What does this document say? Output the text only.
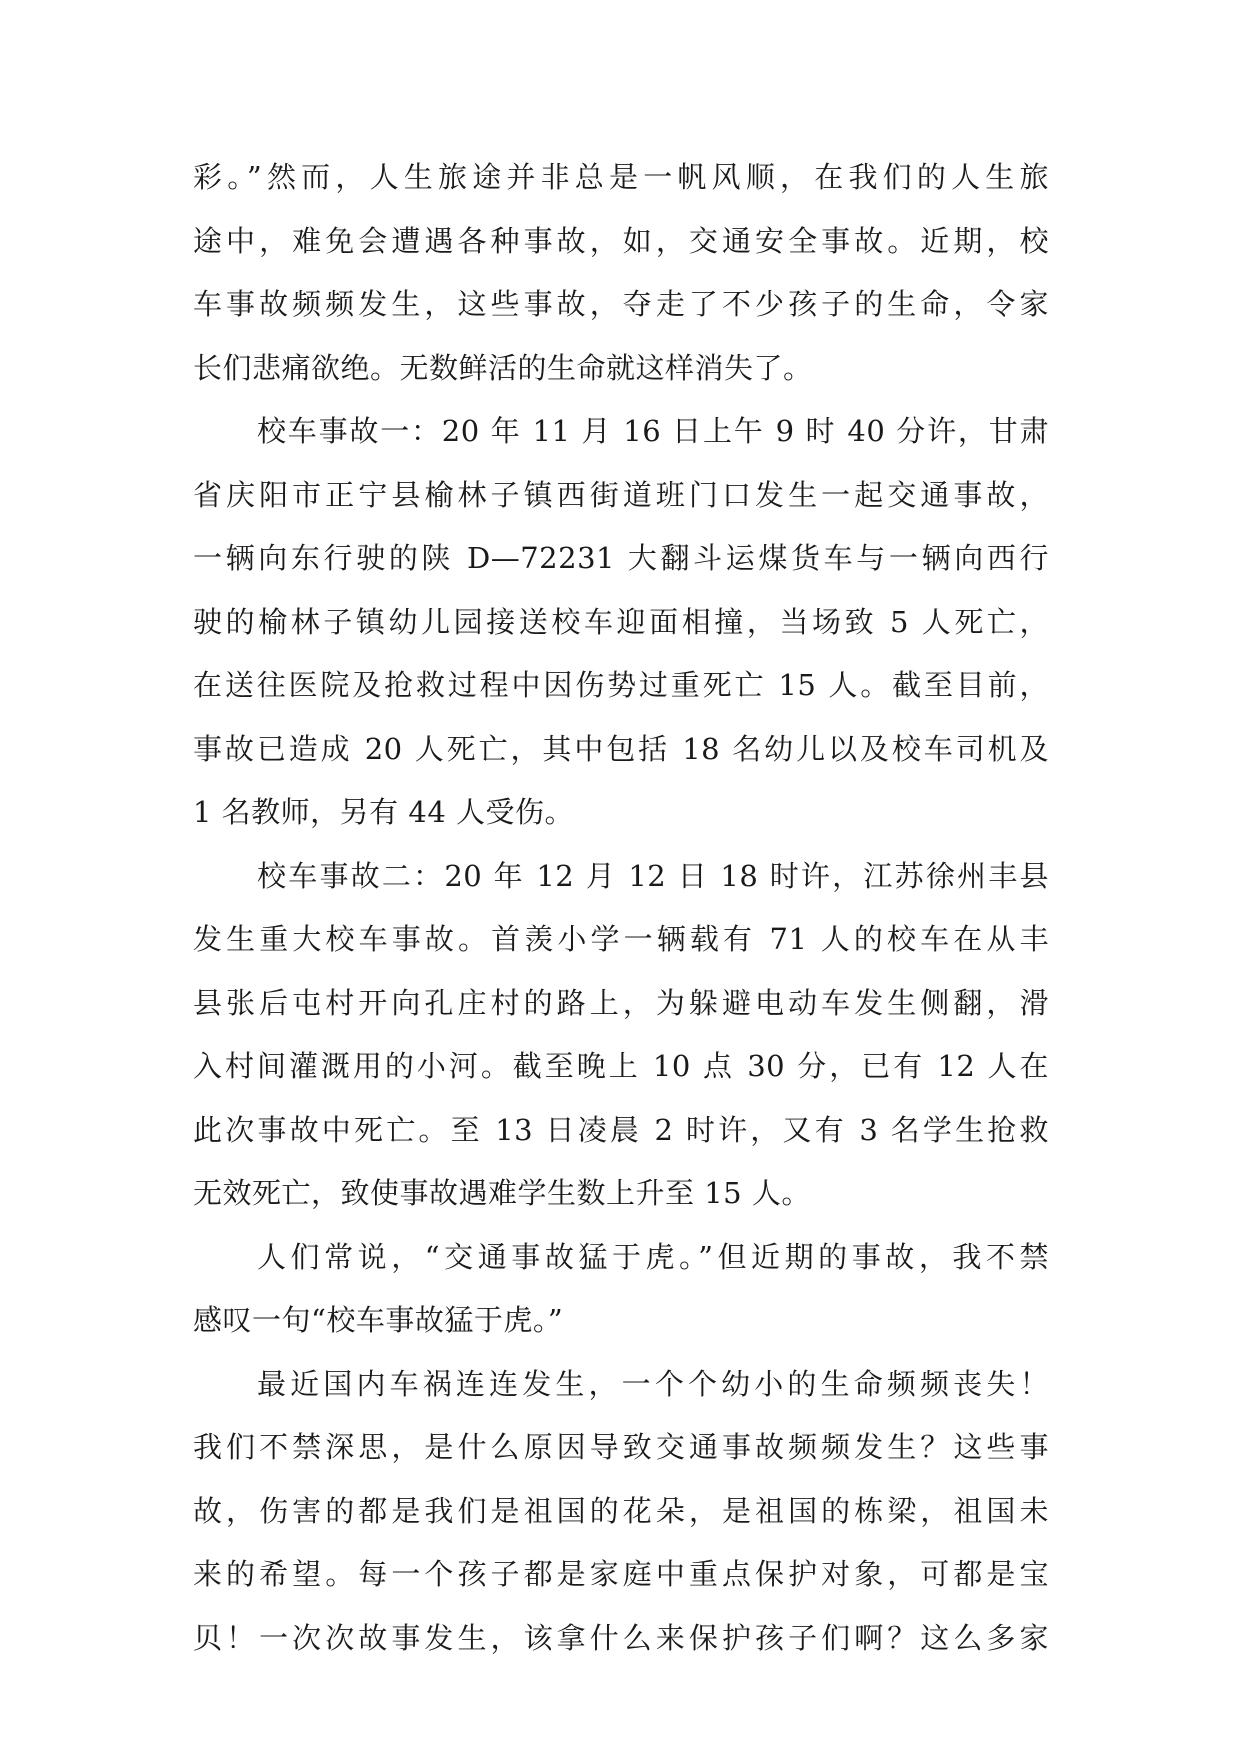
彩。”然而，人生旅途并非总是一帆风顺，在我们的人生旅
途中，难免会遭遇各种事故，如，交通安全事故。近期，校
车事故频频发生，这些事故，夺走了不少孩子的生命，令家
长们悲痛欲绝。无数鲜活的生命就这样消失了。
校车事故一：20 年 11 月 16 日上午 9 时 40 分许，甘肃
省庆阳市正宁县榆林子镇西街道班门口发生一起交通事故，
一辆向东行驶的陕 D—72231 大翻斗运煤货车与一辆向西行
驶的榆林子镇幼儿园接送校车迎面相撞，当场致 5 人死亡，
在送往医院及抢救过程中因伤势过重死亡 15 人。截至目前，
事故已造成 20 人死亡，其中包括 18 名幼儿以及校车司机及
1 名教师，另有 44 人受伤。
校车事故二：20 年 12 月 12 日 18 时许，江苏徐州丰县
发生重大校车事故。首羡小学一辆载有 71 人的校车在从丰
县张后屯村开向孔庄村的路上，为躲避电动车发生侧翻，滑
入村间灌溉用的小河。截至晚上 10 点 30 分，已有 12 人在
此次事故中死亡。至 13 日凌晨 2 时许，又有 3 名学生抢救
无效死亡，致使事故遇难学生数上升至 15 人。
人们常说，“交通事故猛于虎。”但近期的事故，我不禁
感叹一句“校车事故猛于虎。”
最近国内车祸连连发生，一个个幼小的生命频频丧失！
我们不禁深思，是什么原因导致交通事故频频发生？这些事
故，伤害的都是我们是祖国的花朵，是祖国的栋梁，祖国未
来的希望。每一个孩子都是家庭中重点保护对象，可都是宝
贝！一次次故事发生，该拿什么来保护孩子们啊？这么多家
